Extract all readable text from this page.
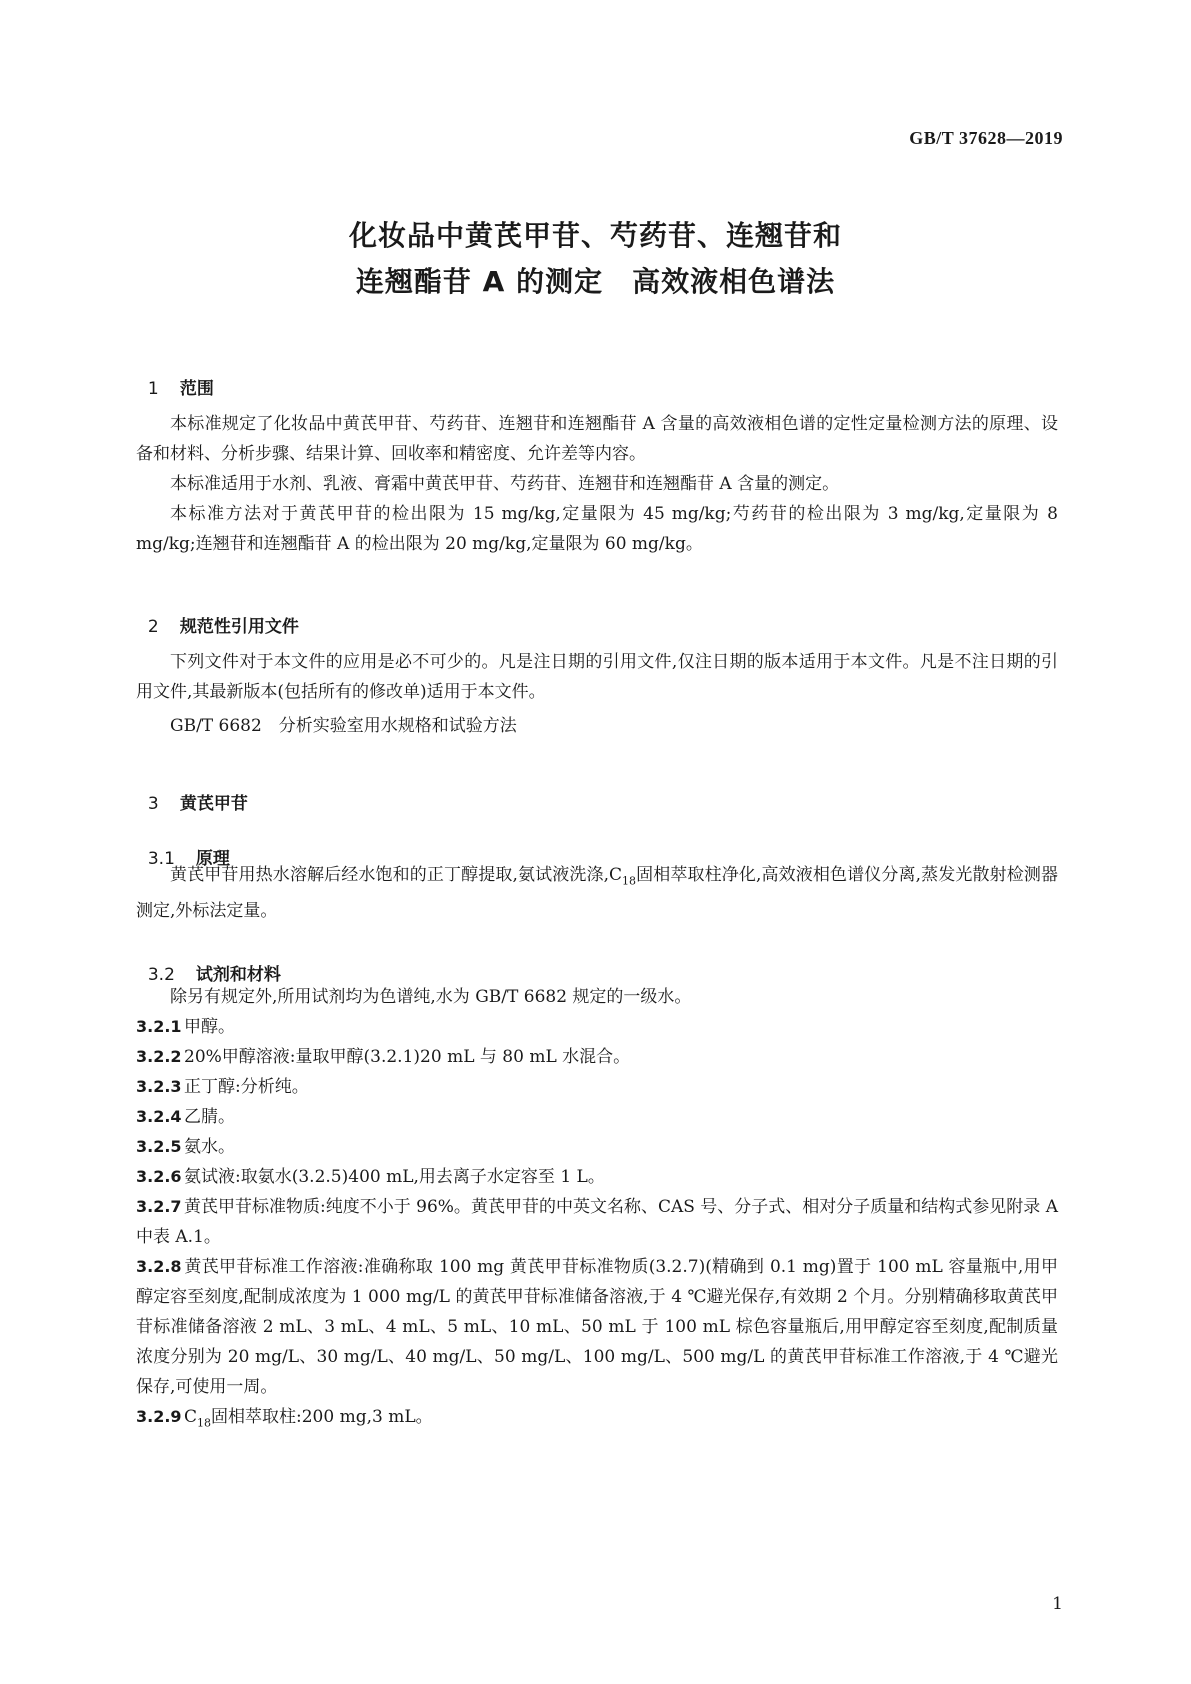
GB/T 37628—2019
化妆品中黄芪甲苷、芍药苷、连翘苷和
连翘酯苷 A 的测定　高效液相色谱法

1 范围

本标准规定了化妆品中黄芪甲苷、芍药苷、连翘苷和连翘酯苷 A 含量的高效液相色谱的定性定量检测方法的原理、设备和材料、分析步骤、结果计算、回收率和精密度、允许差等内容。

本标准适用于水剂、乳液、膏霜中黄芪甲苷、芍药苷、连翘苷和连翘酯苷 A 含量的测定。

本标准方法对于黄芪甲苷的检出限为 15 mg/kg,定量限为 45 mg/kg;芍药苷的检出限为 3 mg/kg,定量限为 8 mg/kg;连翘苷和连翘酯苷 A 的检出限为 20 mg/kg,定量限为 60 mg/kg。

2 规范性引用文件

下列文件对于本文件的应用是必不可少的。凡是注日期的引用文件,仅注日期的版本适用于本文件。凡是不注日期的引用文件,其最新版本(包括所有的修改单)适用于本文件。

GB/T 6682　分析实验室用水规格和试验方法

3 黄芪甲苷

3.1 原理

黄芪甲苷用热水溶解后经水饱和的正丁醇提取,氨试液洗涤$,C_{18}$固相萃取柱净化,高效液相色谱仪分离,蒸发光散射检测器测定,外标法定量。

3.2 试剂和材料

除另有规定外,所用试剂均为色谱纯,水为 GB/T 6682 规定的一级水。

3.2.1 甲醇。

3.2.2 20%甲醇溶液:量取甲醇(3.2.1)20 mL 与 80 mL 水混合。

3.2.3 正丁醇:分析纯。

3.2.4 乙腈。

3.2.5 氨水。

3.2.6 氨试液:取氨水(3.2.5)400 mL,用去离子水定容至 1 L。

3.2.7 黄芪甲苷标准物质:纯度不小于 96%。黄芪甲苷的中英文名称、CAS 号、分子式、相对分子质量和结构式参见附录 A 中表 A.1。

3.2.8 黄芪甲苷标准工作溶液:准确称取 100 mg 黄芪甲苷标准物质(3.2.7)(精确到 0.1 mg)置于 100 mL 容量瓶中,用甲醇定容至刻度,配制成浓度为 1 000 mg/L 的黄芪甲苷标准储备溶液,于 4 ℃避光保存,有效期 2 个月。分别精确移取黄芪甲苷标准储备溶液 2 mL、3 mL、4 mL、5 mL、10 mL、50 mL 于 100 mL 棕色容量瓶后,用甲醇定容至刻度,配制质量浓度分别为 20 mg/L、30 mg/L、40 mg/L、50 mg/L、100 mg/L、500 mg/L 的黄芪甲苷标准工作溶液,于 4 ℃避光保存,可使用一周。

3.2.9 $C_{18}$固相萃取柱:200 mg,3 mL。

1
